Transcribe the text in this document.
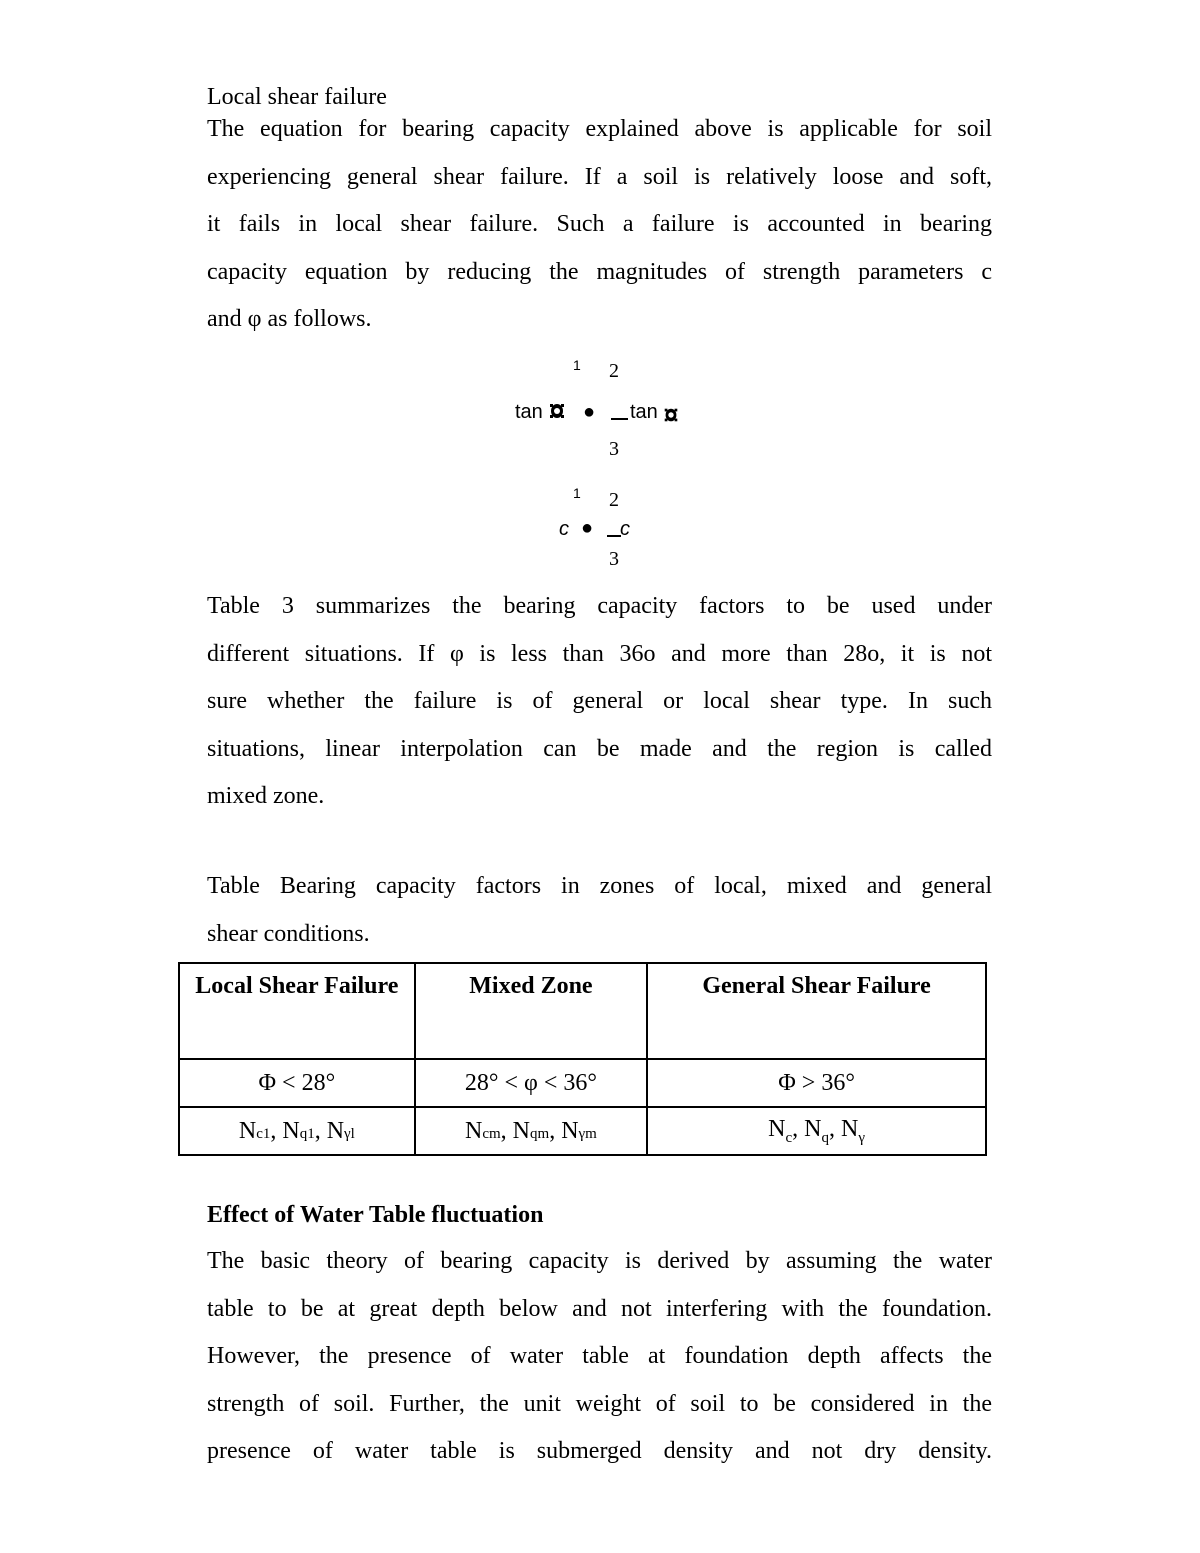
Local shear failure
The equation for bearing capacity explained above is applicable for soil
experiencing general shear failure. If a soil is relatively loose and soft,
it fails in local shear failure. Such a failure is accounted in bearing
capacity equation by reducing the magnitudes of strength parameters c
and φ as follows.
1 2
tan ● tan
3
1 2
c ● c
3
Table 3 summarizes the bearing capacity factors to be used under
different situations. If φ is less than 36o and more than 28o, it is not
sure whether the failure is of general or local shear type. In such
situations, linear interpolation can be made and the region is called
mixed zone.
Table Bearing capacity factors in zones of local, mixed and general
shear conditions.
Local Shear Failure	Mixed Zone	General Shear Failure
Φ < 28°	28° < φ < 36°	Φ > 36°
Nc1, Nq1, Nγl	Ncm, Nqm, Nγm	$N_c$, $N_q$, $N_\gamma$
Effect of Water Table fluctuation
The basic theory of bearing capacity is derived by assuming the water
table to be at great depth below and not interfering with the foundation.
However, the presence of water table at foundation depth affects the
strength of soil. Further, the unit weight of soil to be considered in the
presence of water table is submerged density and not dry density.
